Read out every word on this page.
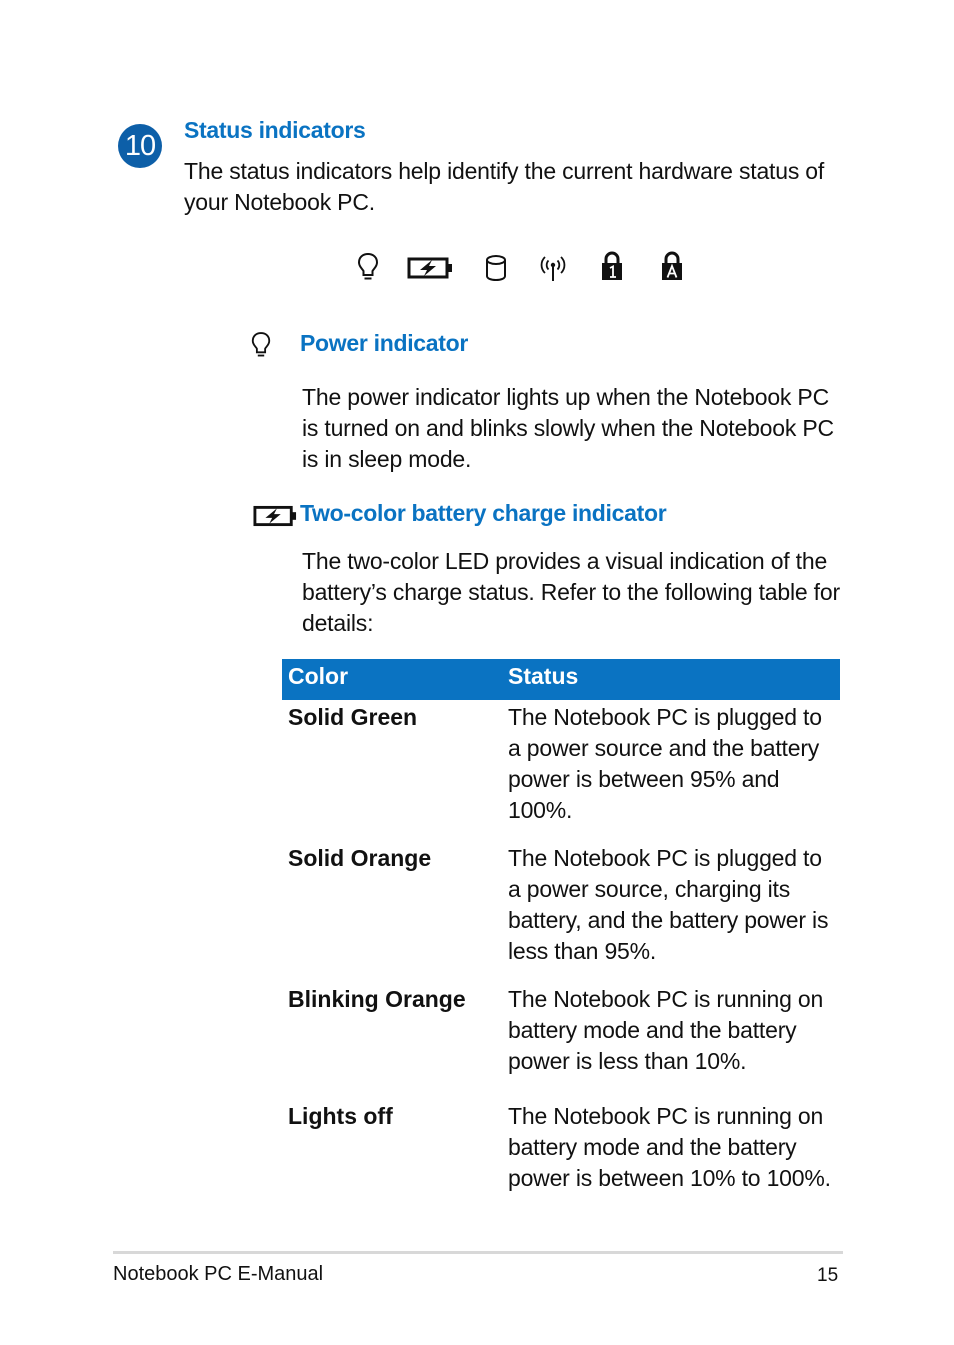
10 Status indicators
The status indicators help identify the current hardware status of your Notebook PC.
Power indicator
The power indicator lights up when the Notebook PC is turned on and blinks slowly when the Notebook PC is in sleep mode.
Two-color battery charge indicator
The two-color LED provides a visual indication of the battery’s charge status. Refer to the following table for details:
Color	Status
Solid Green	The Notebook PC is plugged to a power source and the battery power is between 95% and 100%.
Solid Orange	The Notebook PC is plugged to a power source, charging its battery, and the battery power is less than 95%.
Blinking Orange The Notebook PC is running on battery mode and the battery power is less than 10%.
Lights off	The Notebook PC is running on battery mode and the battery power is between 10% to 100%.
Notebook PC E-Manual	15
